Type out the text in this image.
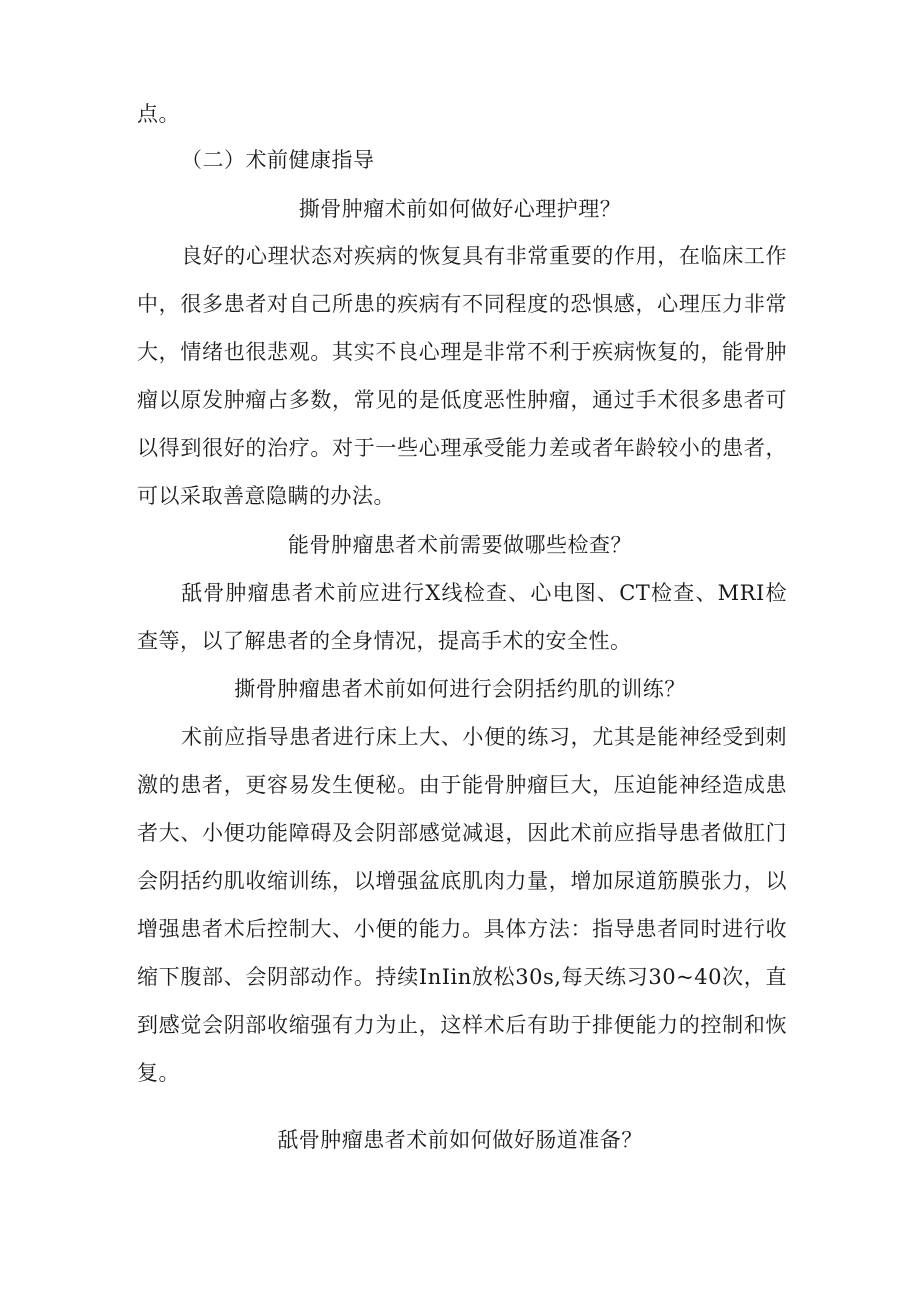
点。
（二）术前健康指导
撕骨肿瘤术前如何做好心理护理？
良好的心理状态对疾病的恢复具有非常重要的作用，在临床工作
中，很多患者对自己所患的疾病有不同程度的恐惧感，心理压力非常
大，情绪也很悲观。其实不良心理是非常不利于疾病恢复的，能骨肿
瘤以原发肿瘤占多数，常见的是低度恶性肿瘤，通过手术很多患者可
以得到很好的治疗。对于一些心理承受能力差或者年龄较小的患者，
可以采取善意隐瞒的办法。
能骨肿瘤患者术前需要做哪些检查？
舐骨肿瘤患者术前应进行X线检查、心电图、CT检查、MRI检
查等，以了解患者的全身情况，提高手术的安全性。
撕骨肿瘤患者术前如何进行会阴括约肌的训练？
术前应指导患者进行床上大、小便的练习，尤其是能神经受到刺
激的患者，更容易发生便秘。由于能骨肿瘤巨大，压迫能神经造成患
者大、小便功能障碍及会阴部感觉减退，因此术前应指导患者做肛门
会阴括约肌收缩训练，以增强盆底肌肉力量，增加尿道筋膜张力，以
增强患者术后控制大、小便的能力。具体方法：指导患者同时进行收
缩下腹部、会阴部动作。持续InIin放松30s,每天练习30~40次，直
到感觉会阴部收缩强有力为止，这样术后有助于排便能力的控制和恢
复。
舐骨肿瘤患者术前如何做好肠道准备？
